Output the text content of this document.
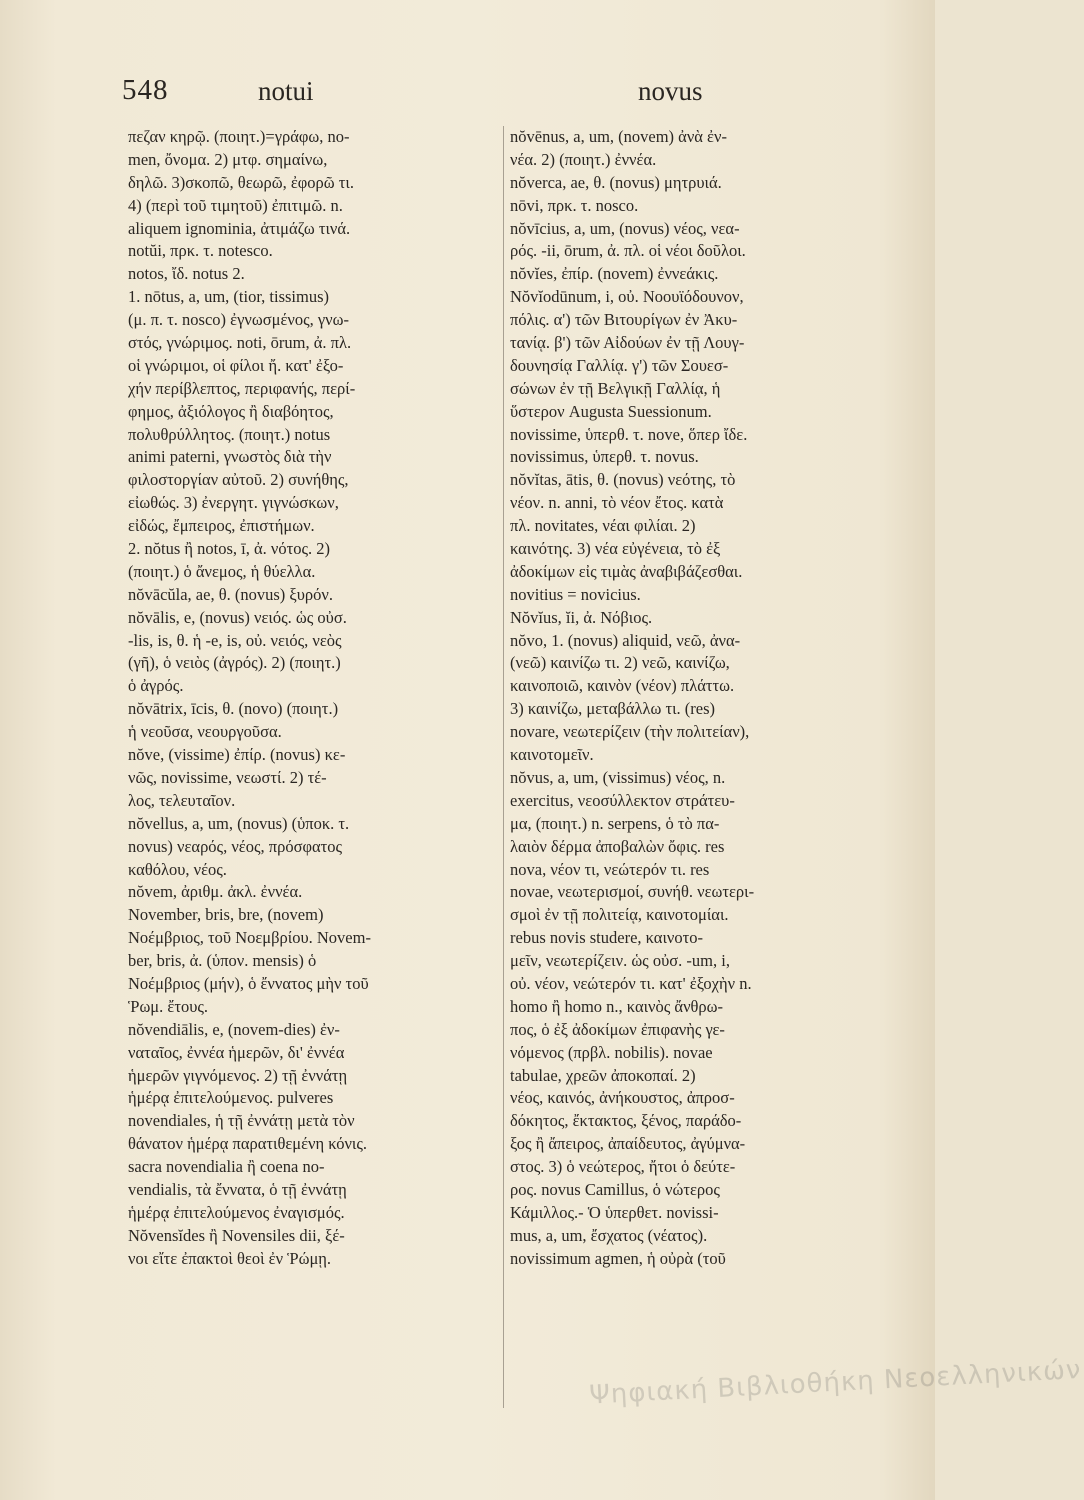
548	notui	novus
πεζαν κηρῷ. (ποιητ.)=γράφω, no-
men, ὄνομα. 2) μτφ. σημαίνω,
δηλῶ. 3)σκοπῶ, θεωρῶ, ἐφορῶ τι.
4) (περὶ τοῦ τιμητοῦ) ἐπιτιμῶ. n.
aliquem ignominia, ἀτιμάζω τινά.
notŭi, πρκ. τ. notesco.
notos, ἴδ. notus 2.
1. nōtus, a, um, (tior, tissimus)
(μ. π. τ. nosco) ἐγνωσμένος, γνω-
στός, γνώριμος. noti, ōrum, ἀ. πλ.
οἱ γνώριμοι, οἱ φίλοι ἤ. κατ' ἐξο-
χήν περίβλεπτος, περιφανής, περί-
φημος, ἀξιόλογος ἢ διαβόητος,
πολυθρύλλητος. (ποιητ.) notus
animi paterni, γνωστὸς διὰ τὴν
φιλοστοργίαν αὐτοῦ. 2) συνήθης,
εἰωθώς. 3) ἐνεργητ. γιγνώσκων,
εἰδώς, ἔμπειρος, ἐπιστήμων.
2. nŏtus ἢ notos, ī, ἀ. νότος. 2)
(ποιητ.) ὁ ἄνεμος, ἡ θύελλα.
nŏvācŭla, ae, θ. (novus) ξυρόν.
nŏvālis, e, (novus) νειός. ὡς οὐσ.
-lis, is, θ. ἡ -e, is, οὐ. νειός, νεὸς
(γῆ), ὁ νειὸς (ἀγρός). 2) (ποιητ.)
ὁ ἀγρός.
nŏvātrix, īcis, θ. (novo) (ποιητ.)
ἡ νεοῦσα, νεουργοῦσα.
nŏve, (vissime) ἐπίρ. (novus) κε-
νῶς, novissime, νεωστί. 2) τέ-
λος, τελευταῖον.
nŏvellus, a, um, (novus) (ὑποκ. τ.
novus) νεαρός, νέος, πρόσφατος
καθόλου, νέος.
nŏvem, ἀριθμ. ἀκλ. ἐννέα.
November, bris, bre, (novem)
Νοέμβριος, τοῦ Νοεμβρίου. Novem-
ber, bris, ἀ. (ὑπον. mensis) ὁ
Νοέμβριος (μήν), ὁ ἔννατος μὴν τοῦ
Ῥωμ. ἔτους.
nŏvendiālis, e, (novem-dies) ἐν-
ναταῖος, ἐννέα ἡμερῶν, δι' ἐννέα
ἡμερῶν γιγνόμενος. 2) τῇ ἐννάτῃ
ἡμέρᾳ ἐπιτελούμενος. pulveres
novendiales, ἡ τῇ ἐννάτῃ μετὰ τὸν
θάνατον ἡμέρᾳ παρατιθεμένη κόνις.
sacra novendialia ἢ coena no-
vendialis, τὰ ἔννατα, ὁ τῇ ἐννάτῃ
ἡμέρᾳ ἐπιτελούμενος ἐναγισμός.
Nŏvensĭdes ἢ Novensiles dii, ξέ-
νοι εἴτε ἐπακτοὶ θεοὶ ἐν Ῥώμῃ.
nŏvēnus, a, um, (novem) ἀνὰ ἐν-
νέα. 2) (ποιητ.) ἐννέα.
nŏverca, ae, θ. (novus) μητρυιά.
nōvi, πρκ. τ. nosco.
nŏvīcius, a, um, (novus) νέος, νεα-
ρός. -ii, ōrum, ἀ. πλ. οἱ νέοι δοῦλοι.
nŏvĭes, ἐπίρ. (novem) ἐννεάκις.
Nŏvĭodūnum, i, οὐ. Νοουϊόδουνον,
πόλις. α') τῶν Βιτουρίγων ἐν Ἀκυ-
τανίᾳ. β') τῶν Αἰδούων ἐν τῇ Λουγ-
δουνησίᾳ Γαλλίᾳ. γ') τῶν Σουεσ-
σώνων ἐν τῇ Βελγικῇ Γαλλίᾳ, ἡ
ὕστερον Augusta Suessionum.
novissime, ὑπερθ. τ. nove, ὅπερ ἴδε.
novissimus, ὑπερθ. τ. novus.
nŏvĭtas, ātis, θ. (novus) νεότης, τὸ
νέον. n. anni, τὸ νέον ἔτος. κατὰ
πλ. novitates, νέαι φιλίαι. 2)
καινότης. 3) νέα εὐγένεια, τὸ ἐξ
ἀδοκίμων εἰς τιμὰς ἀναβιβάζεσθαι.
novitius = novicius.
Nŏvĭus, ĭi, ἀ. Νόβιος.
nŏvo, 1. (novus) aliquid, νεῶ, ἀνα-
(νεῶ) καινίζω τι. 2) νεῶ, καινίζω,
καινοποιῶ, καινὸν (νέον) πλάττω.
3) καινίζω, μεταβάλλω τι. (res)
novare, νεωτερίζειν (τὴν πολιτείαν),
καινοτομεῖν.
nŏvus, a, um, (vissimus) νέος, n.
exercitus, νεοσύλλεκτον στράτευ-
μα, (ποιητ.) n. serpens, ὁ τὸ πα-
λαιὸν δέρμα ἀποβαλὼν ὄφις. res
nova, νέον τι, νεώτερόν τι. res
novae, νεωτερισμοί, συνήθ. νεωτερι-
σμοὶ ἐν τῇ πολιτείᾳ, καινοτομίαι.
rebus novis studere, καινοτο-
μεῖν, νεωτερίζειν. ὡς οὐσ. -um, i,
οὐ. νέον, νεώτερόν τι. κατ' ἐξοχὴν n.
homo ἢ homo n., καινὸς ἄνθρω-
πος, ὁ ἐξ ἀδοκίμων ἐπιφανὴς γε-
νόμενος (πρβλ. nobilis). novae
tabulae, χρεῶν ἀποκοπαί. 2)
νέος, καινός, ἀνήκουστος, ἀπροσ-
δόκητος, ἔκτακτος, ξένος, παράδο-
ξος ἢ ἄπειρος, ἀπαίδευτος, ἀγύμνα-
στος. 3) ὁ νεώτερος, ἤτοι ὁ δεύτε-
ρος. novus Camillus, ὁ νώτερος
Κάμιλλος.- Ὁ ὑπερθετ. novissi-
mus, a, um, ἔσχατος (νέατος).
novissimum agmen, ἡ οὐρὰ (τοῦ
Ψηφιακή Βιβλιοθήκη Νεοελληνικών
